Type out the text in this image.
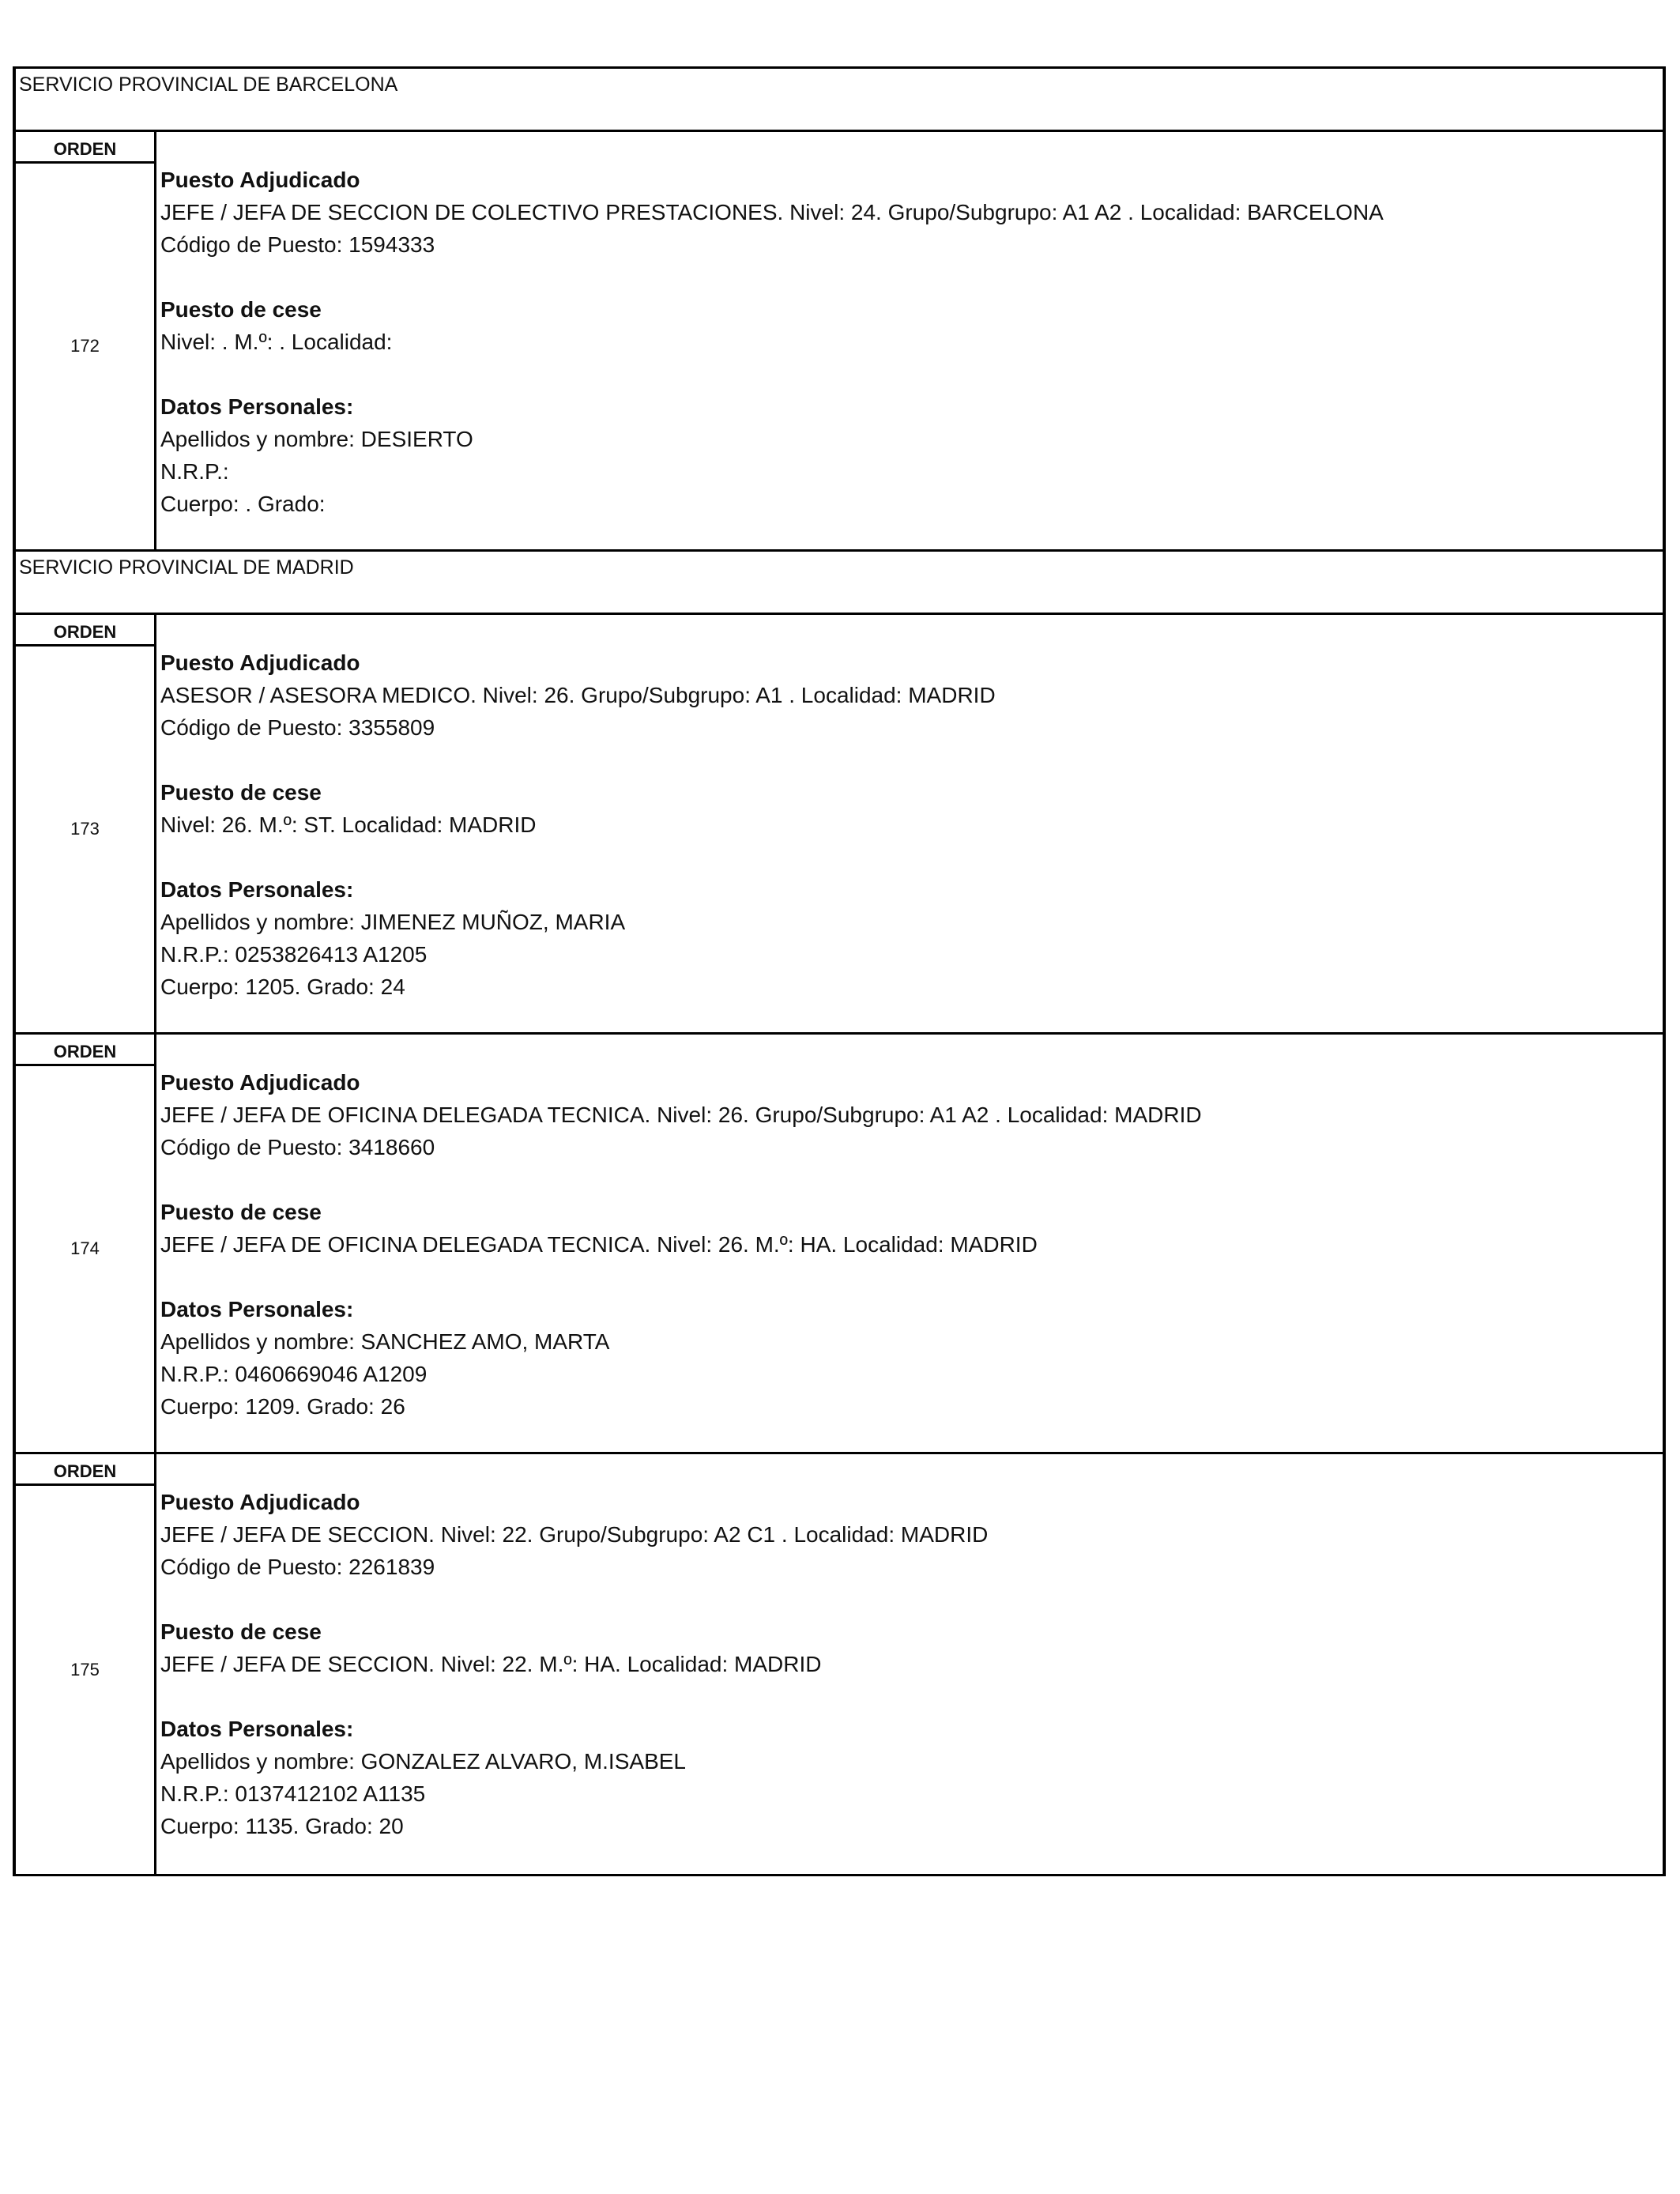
SERVICIO PROVINCIAL DE BARCELONA
ORDEN
172
Puesto Adjudicado
JEFE / JEFA DE SECCION DE COLECTIVO PRESTACIONES. Nivel: 24. Grupo/Subgrupo: A1 A2 . Localidad: BARCELONA
Código de Puesto: 1594333
Puesto de cese
Nivel: . M.º: . Localidad:
Datos Personales:
Apellidos y nombre: DESIERTO
N.R.P.:
Cuerpo: . Grado:
SERVICIO PROVINCIAL DE MADRID
ORDEN
173
Puesto Adjudicado
ASESOR / ASESORA MEDICO. Nivel: 26. Grupo/Subgrupo: A1 . Localidad: MADRID
Código de Puesto: 3355809
Puesto de cese
Nivel: 26. M.º: ST. Localidad: MADRID
Datos Personales:
Apellidos y nombre: JIMENEZ MUÑOZ, MARIA
N.R.P.: 0253826413 A1205
Cuerpo: 1205. Grado: 24
ORDEN
174
Puesto Adjudicado
JEFE / JEFA DE OFICINA DELEGADA TECNICA. Nivel: 26. Grupo/Subgrupo: A1 A2 . Localidad: MADRID
Código de Puesto: 3418660
Puesto de cese
JEFE / JEFA DE OFICINA DELEGADA TECNICA. Nivel: 26. M.º: HA. Localidad: MADRID
Datos Personales:
Apellidos y nombre: SANCHEZ AMO, MARTA
N.R.P.: 0460669046 A1209
Cuerpo: 1209. Grado: 26
ORDEN
175
Puesto Adjudicado
JEFE / JEFA DE SECCION. Nivel: 22. Grupo/Subgrupo: A2 C1 . Localidad: MADRID
Código de Puesto: 2261839
Puesto de cese
JEFE / JEFA DE SECCION. Nivel: 22. M.º: HA. Localidad: MADRID
Datos Personales:
Apellidos y nombre: GONZALEZ ALVARO, M.ISABEL
N.R.P.: 0137412102 A1135
Cuerpo: 1135. Grado: 20
